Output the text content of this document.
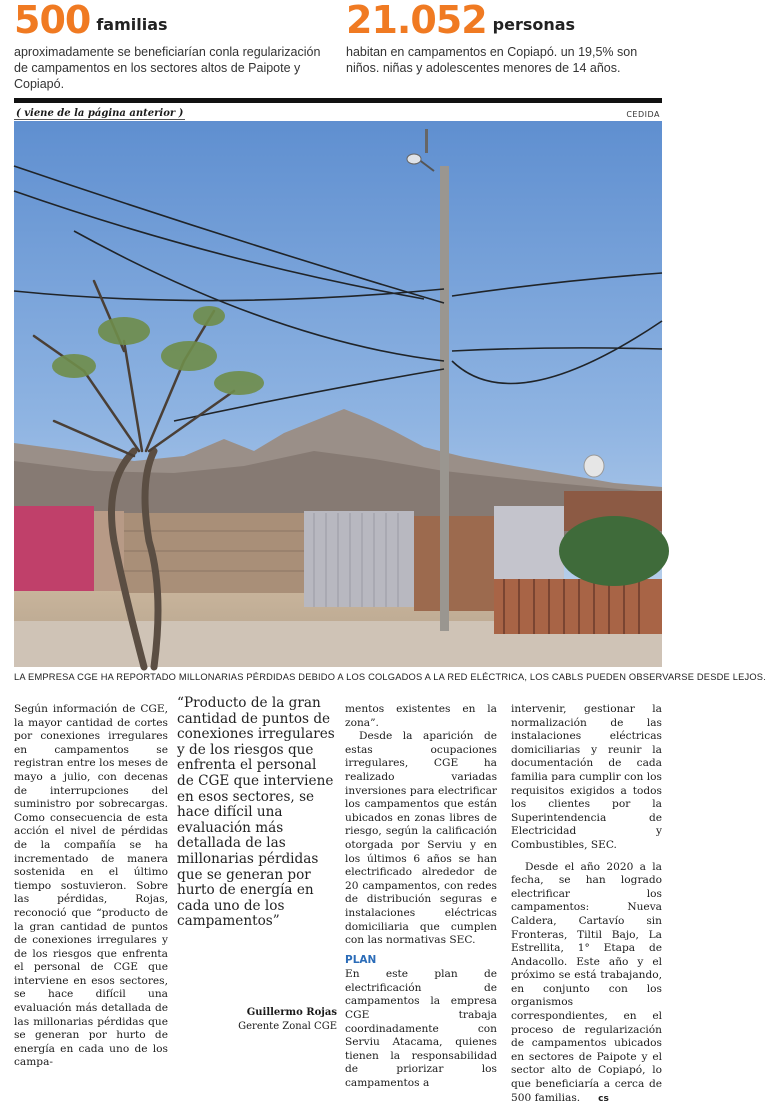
500 familias
aproximadamente se beneficiarían conla regularización de campamentos en los sectores altos de Paipote y Copiapó.
21.052 personas
habitan en campamentos en Copiapó. un 19,5% son niños. niñas y adolescentes menores de 14 años.
( viene de la página anterior )	CEDIDA
LA EMPRESA CGE HA REPORTADO MILLONARIAS PÉRDIDAS DEBIDO A LOS COLGADOS A LA RED ELÉCTRICA, LOS CABLS PUEDEN OBSERVARSE DESDE LEJOS.

Según información de CGE, la mayor cantidad de cortes por conexiones irregulares en campamentos se registran entre los meses de mayo a julio, con decenas de interrupciones del suministro por sobrecargas. Como consecuencia de esta acción el nivel de pérdidas de la compañía se ha incrementado de manera sostenida en el último tiempo sostuvieron. Sobre las pérdidas, Rojas, reconoció que “producto de la gran cantidad de puntos de conexiones irregulares y de los riesgos que enfrenta el personal de CGE que interviene en esos sectores, se hace difícil una evaluación más detallada de las millonarias pérdidas que se generan por hurto de energía en cada uno de los campa-

“Producto de la gran cantidad de puntos de conexiones irregulares y de los riesgos que enfrenta el personal de CGE que interviene en esos sectores, se hace difícil una evaluación más detallada de las millonarias pérdidas que se generan por hurto de energía en cada uno de los campamentos”
Guillermo Rojas
Gerente Zonal CGE

mentos existentes en la zona”.

Desde la aparición de estas ocupaciones irregulares, CGE ha realizado variadas inversiones para electrificar los campamentos que están ubicados en zonas libres de riesgo, según la calificación otorgada por Serviu y en los últimos 6 años se han electrificado alrededor de 20 campamentos, con redes de distribución seguras e instalaciones eléctricas domiciliaria que cumplen con las normativas SEC.

PLAN

En este plan de electrificación de campamentos la empresa CGE trabaja coordinadamente con Serviu Atacama, quienes tienen la responsabilidad de priorizar los campamentos a

intervenir, gestionar la normalización de las instalaciones eléctricas domiciliarias y reunir la documentación de cada familia para cumplir con los requisitos exigidos a todos los clientes por la Superintendencia de Electricidad y Combustibles, SEC.

Desde el año 2020 a la fecha, se han logrado electrificar los campamentos: Nueva Caldera, Cartavío sin Fronteras, Tiltil Bajo, La Estrellita, 1° Etapa de Andacollo. Este año y el próximo se está trabajando, en conjunto con los organismos correspondientes, en el proceso de regularización de campamentos ubicados en sectores de Paipote y el sector alto de Copiapó, lo que beneficiaría a cerca de 500 familias. cs
